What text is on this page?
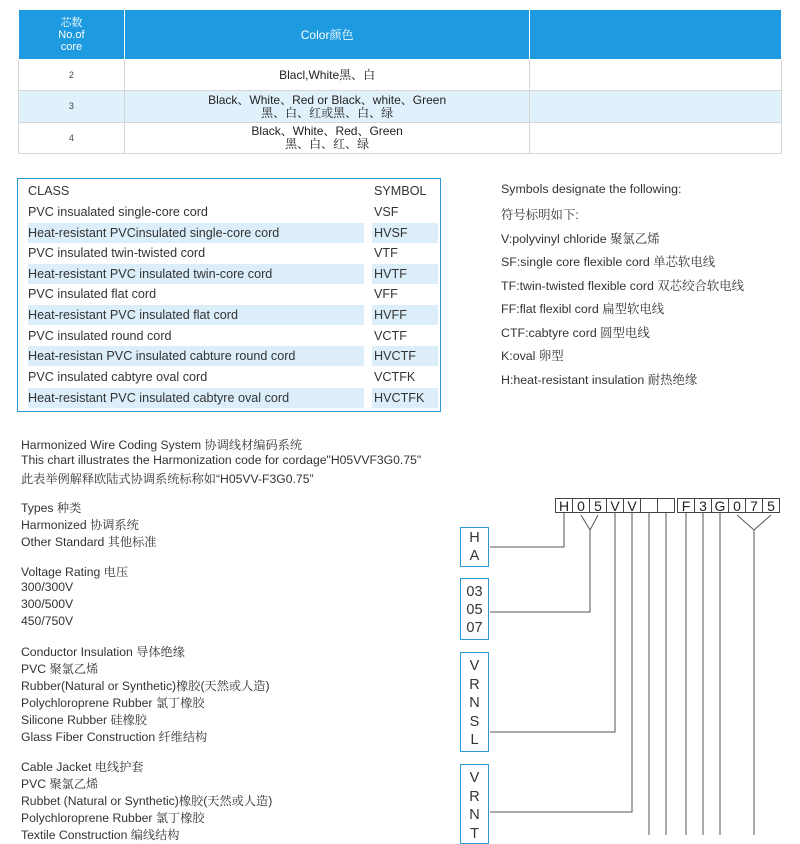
芯数
No.of
core	Color颜色	
2	Blacl,White黑、白	

3	Black、White、Red or Black、white、Green
黑、白、红或黑、白、绿	

4	Black、White、Red、Green
黑、白、红、绿	

CLASS	SYMBOL
PVC insualated single-core cord	VSF
Heat-resistant PVCinsulated single-core cord	HVSF
PVC insulated twin-twisted cord	VTF
Heat-resistant PVC insulated twin-core cord	HVTF
PVC insulated flat cord	VFF
Heat-resistant PVC insulated flat cord	HVFF
PVC insulated round cord	VCTF
Heat-resistan PVC insulated cabture round cord	HVCTF
PVC insulated cabtyre oval cord	VCTFK
Heat-resistant PVC insulated cabtyre oval cord	HVCTFK
Symbols designate the following:
符号标明如下:
V:polyvinyl chloride 聚氯乙烯
SF:single core flexible cord 单芯软电线
TF:twin-twisted flexible cord 双芯绞合软电线
FF:flat flexibl cord 扁型软电线
CTF:cabtyre cord 圆型电线
K:oval 卵型
H:heat-resistant insulation 耐热绝缘
Harmonized Wire Coding System 协调线材编码系统
This chart illustrates the Harmonization code for cordage"H05VVF3G0.75"
此表举例解释欧陆式协调系统标称如“H05VV-F3G0.75”
Types 种类
Harmonized 协调系统
Other Standard 其他标准
Voltage Rating 电压
300/300V
300/500V
450/750V
Conductor Insulation 导体绝缘
PVC 聚氯乙烯
Rubber(Natural or Synthetic)橡胶(天然或人造)
Polychloroprene Rubber 氯丁橡胶
Silicone Rubber 硅橡胶
Glass Fiber Construction 纤维结构
Cable Jacket 电线护套
PVC 聚氯乙烯
Rubbet (Natural or Synthetic)橡胶(天然或人造)
Polychloroprene Rubber 氯丁橡胶
Textile Construction 编线结构
H 0 5 V V	F 3 G 0 7 5
H
A
03
05
07
V
R
N
S
L
V
R
N
T
